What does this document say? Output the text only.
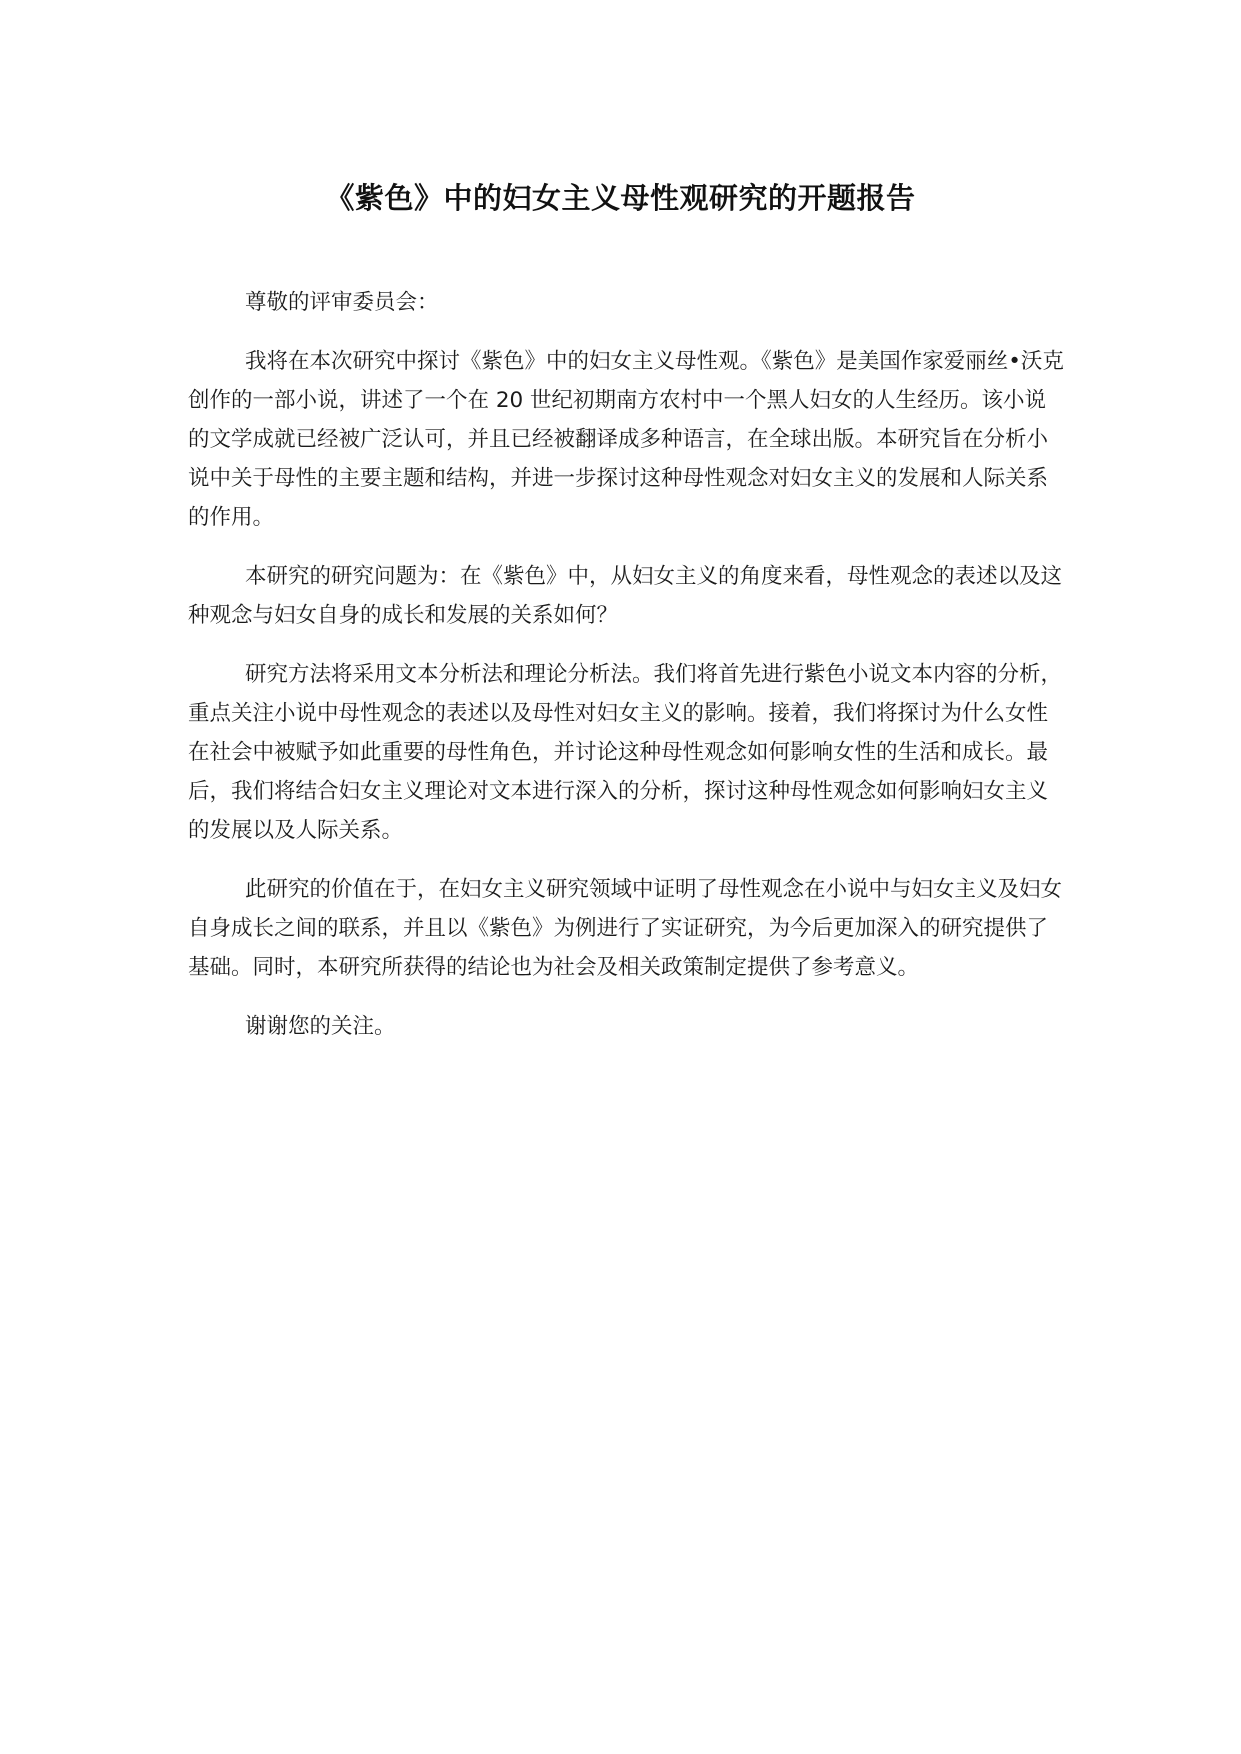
《紫色》中的妇女主义母性观研究的开题报告

尊敬的评审委员会：

我将在本次研究中探讨《紫色》中的妇女主义母性观。《紫色》是美国作家爱丽丝•沃克创作的一部小说，讲述了一个在 20 世纪初期南方农村中一个黑人妇女的人生经历。该小说的文学成就已经被广泛认可，并且已经被翻译成多种语言，在全球出版。本研究旨在分析小说中关于母性的主要主题和结构，并进一步探讨这种母性观念对妇女主义的发展和人际关系的作用。

本研究的研究问题为：在《紫色》中，从妇女主义的角度来看，母性观念的表述以及这种观念与妇女自身的成长和发展的关系如何？

研究方法将采用文本分析法和理论分析法。我们将首先进行紫色小说文本内容的分析，重点关注小说中母性观念的表述以及母性对妇女主义的影响。接着，我们将探讨为什么女性在社会中被赋予如此重要的母性角色，并讨论这种母性观念如何影响女性的生活和成长。最后，我们将结合妇女主义理论对文本进行深入的分析，探讨这种母性观念如何影响妇女主义的发展以及人际关系。

此研究的价值在于，在妇女主义研究领域中证明了母性观念在小说中与妇女主义及妇女自身成长之间的联系，并且以《紫色》为例进行了实证研究，为今后更加深入的研究提供了基础。同时，本研究所获得的结论也为社会及相关政策制定提供了参考意义。

谢谢您的关注。
